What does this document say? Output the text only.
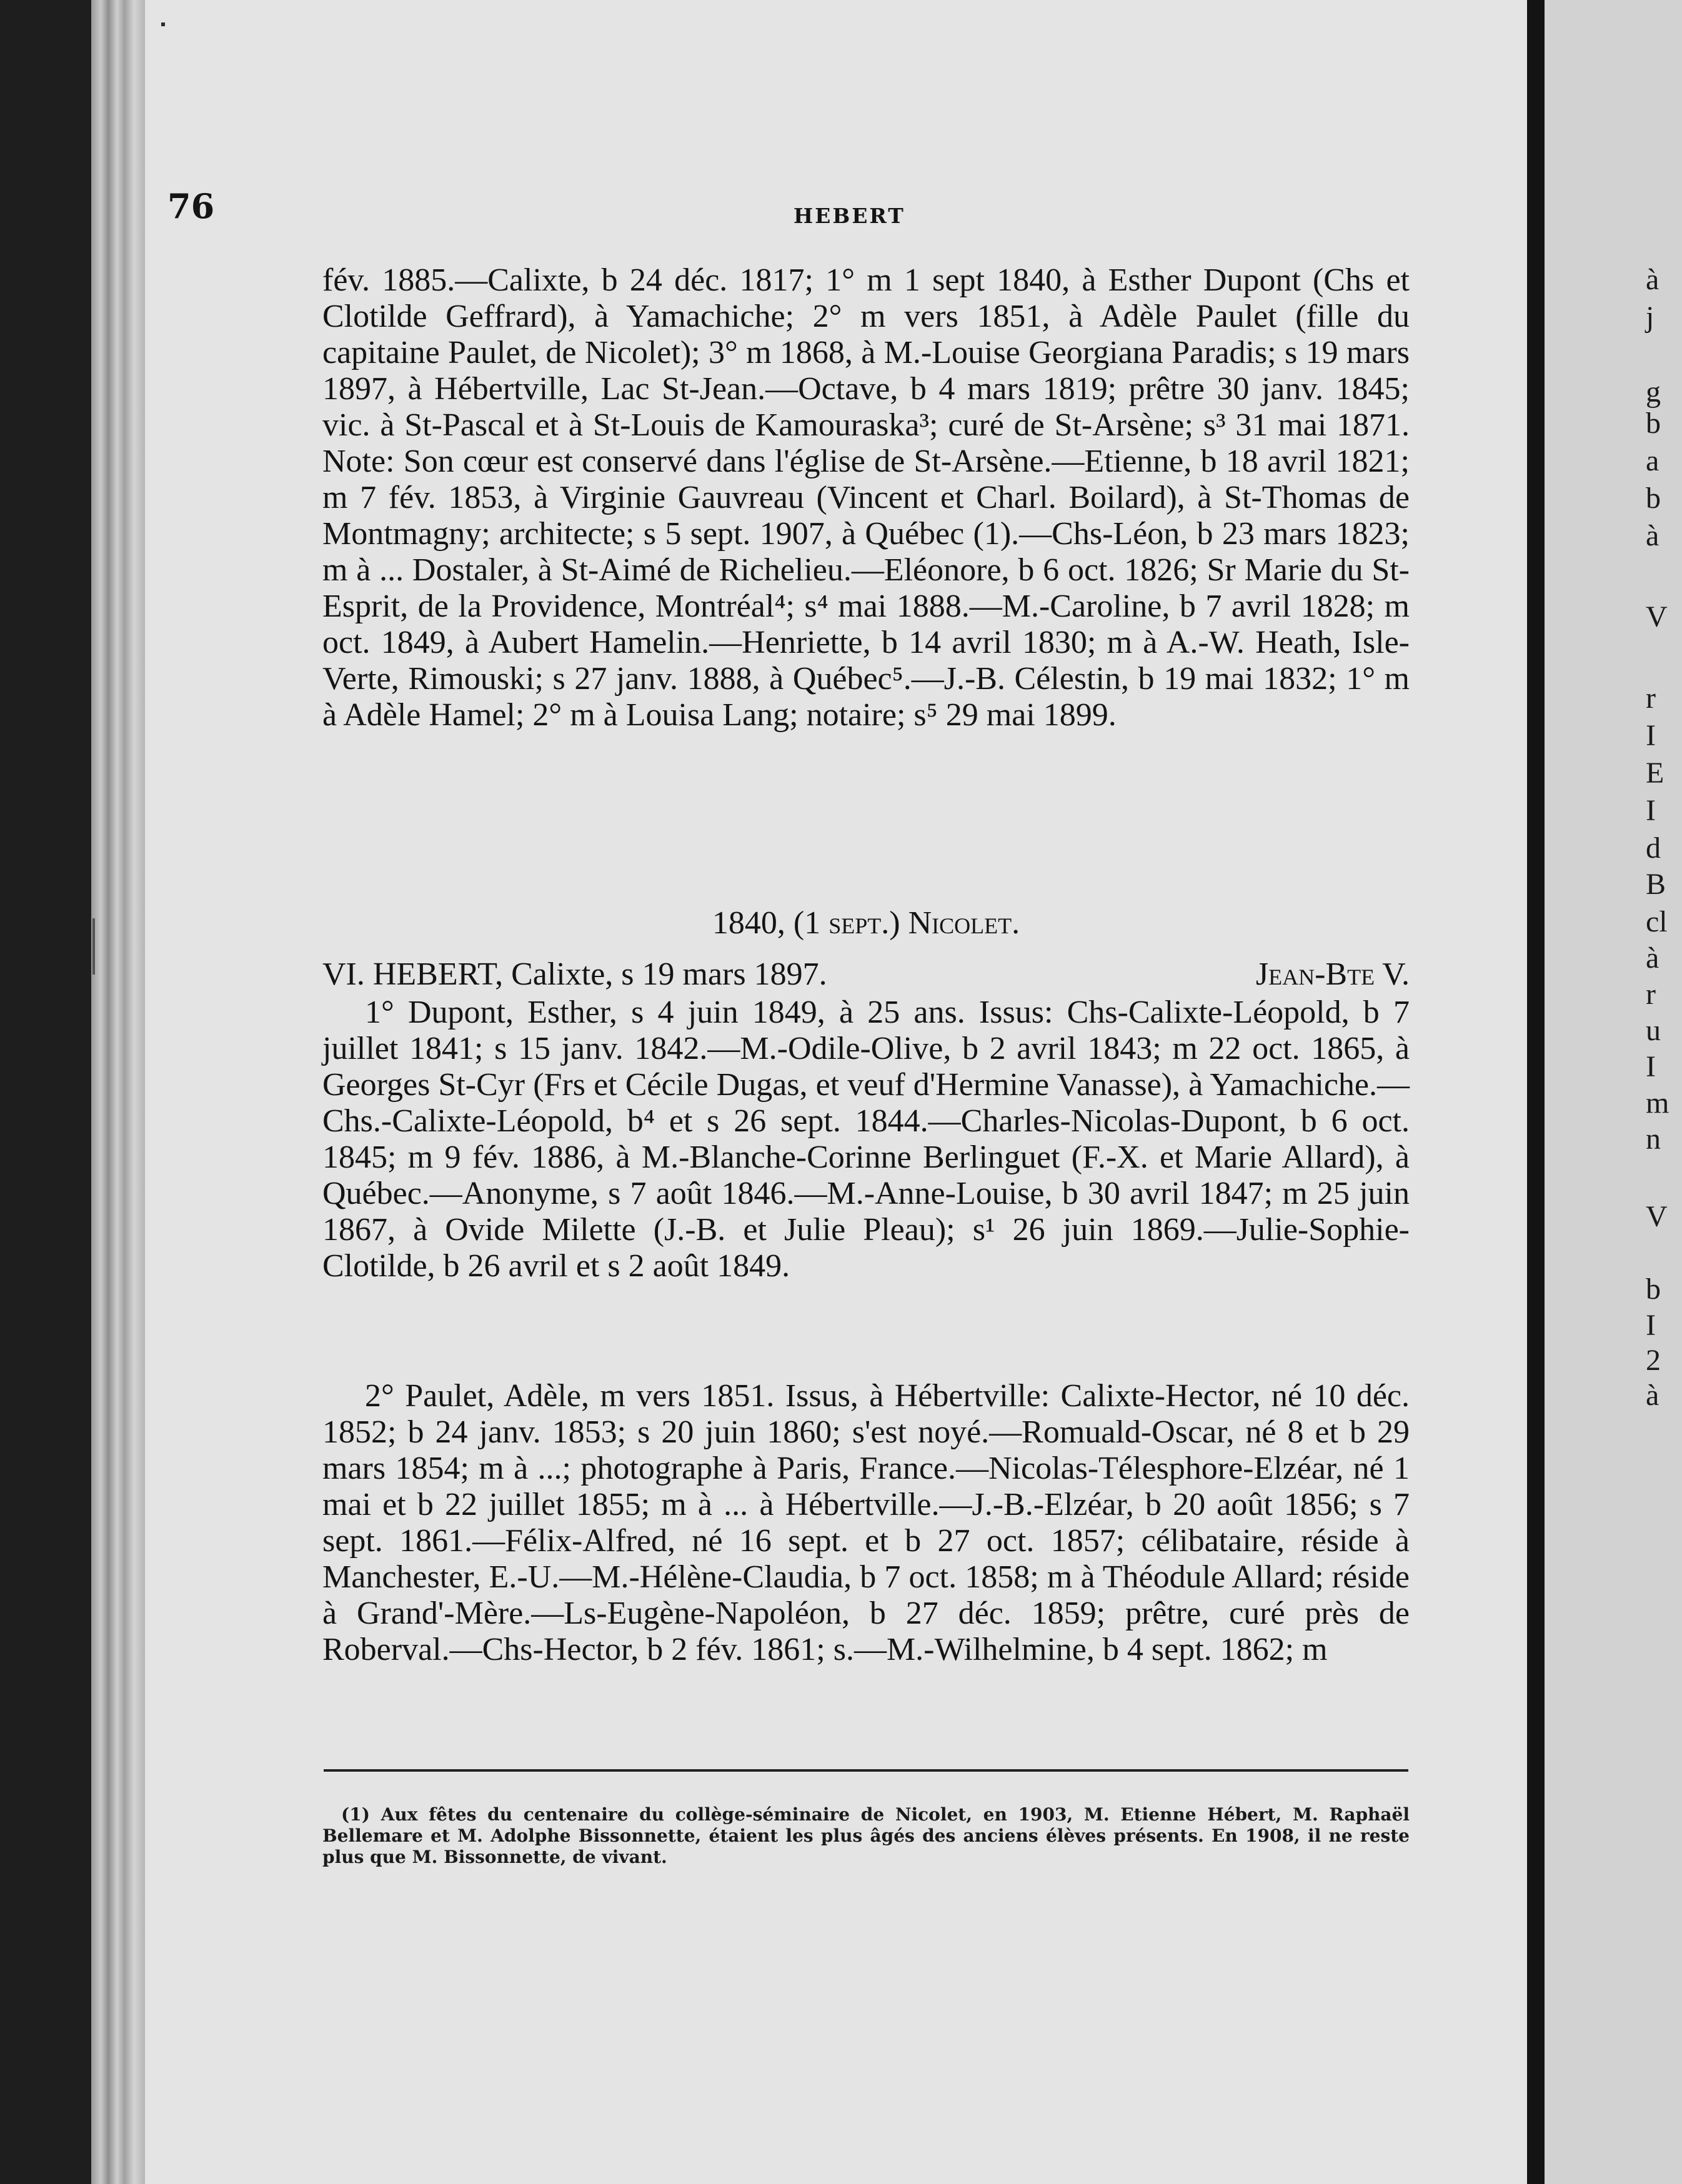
76	HEBERT

fév. 1885.—Calixte, b 24 déc. 1817; 1° m 1 sept 1840, à Esther Dupont (Chs et Clotilde Geffrard), à Yamachiche; 2° m vers 1851, à Adèle Paulet (fille du capitaine Paulet, de Nicolet); 3° m 1868, à M.-Louise Georgiana Paradis; s 19 mars 1897, à Hébertville, Lac St-Jean.—Octave, b 4 mars 1819; prêtre 30 janv. 1845; vic. à St-Pascal et à St-Louis de Kamouraska³; curé de St-Arsène; s³ 31 mai 1871. Note: Son cœur est conservé dans l'église de St-Arsène.—Etienne, b 18 avril 1821; m 7 fév. 1853, à Virginie Gauvreau (Vincent et Charl. Boilard), à St-Thomas de Montmagny; architecte; s 5 sept. 1907, à Québec (1).—Chs-Léon, b 23 mars 1823; m à ... Dostaler, à St-Aimé de Richelieu.—Eléonore, b 6 oct. 1826; Sr Marie du St-Esprit, de la Providence, Montréal⁴; s⁴ mai 1888.—M.-Caroline, b 7 avril 1828; m oct. 1849, à Aubert Hamelin.—Henriette, b 14 avril 1830; m à A.-W. Heath, Isle-Verte, Rimouski; s 27 janv. 1888, à Québec⁵.—J.-B. Célestin, b 19 mai 1832; 1° m à Adèle Hamel; 2° m à Louisa Lang; notaire; s⁵ 29 mai 1899.

1840, (1 sept.) Nicolet.
VI. HEBERT, Calixte, s 19 mars 1897.	Jean-Bte V.

1° Dupont, Esther, s 4 juin 1849, à 25 ans. Issus: Chs-Calixte-Léopold, b 7 juillet 1841; s 15 janv. 1842.—M.-Odile-Olive, b 2 avril 1843; m 22 oct. 1865, à Georges St-Cyr (Frs et Cécile Dugas, et veuf d'Hermine Vanasse), à Yamachiche.—Chs.-Calixte-Léopold, b⁴ et s 26 sept. 1844.—Charles-Nicolas-Dupont, b 6 oct. 1845; m 9 fév. 1886, à M.-Blanche-Corinne Berlinguet (F.-X. et Marie Allard), à Québec.—Anonyme, s 7 août 1846.—M.-Anne-Louise, b 30 avril 1847; m 25 juin 1867, à Ovide Milette (J.-B. et Julie Pleau); s¹ 26 juin 1869.—Julie-Sophie-Clotilde, b 26 avril et s 2 août 1849.

2° Paulet, Adèle, m vers 1851. Issus, à Hébertville: Calixte-Hector, né 10 déc. 1852; b 24 janv. 1853; s 20 juin 1860; s'est noyé.—Romuald-Oscar, né 8 et b 29 mars 1854; m à ...; photographe à Paris, France.—Nicolas-Télesphore-Elzéar, né 1 mai et b 22 juillet 1855; m à ... à Hébertville.—J.-B.-Elzéar, b 20 août 1856; s 7 sept. 1861.—Félix-Alfred, né 16 sept. et b 27 oct. 1857; célibataire, réside à Manchester, E.-U.—M.-Hélène-Claudia, b 7 oct. 1858; m à Théodule Allard; réside à Grand'-Mère.—Ls-Eugène-Napoléon, b 27 déc. 1859; prêtre, curé près de Roberval.—Chs-Hector, b 2 fév. 1861; s.—M.-Wilhelmine, b 4 sept. 1862; m

(1) Aux fêtes du centenaire du collège-séminaire de Nicolet, en 1903, M. Etienne Hébert, M. Raphaël Bellemare et M. Adolphe Bissonnette, étaient les plus âgés des anciens élèves présents. En 1908, il ne reste plus que M. Bissonnette, de vivant.

à
j
g
b
a
b
à
V
r
I
E
I
d
B
cl
à
r
u
I
m
n
V
b
I
2
à
